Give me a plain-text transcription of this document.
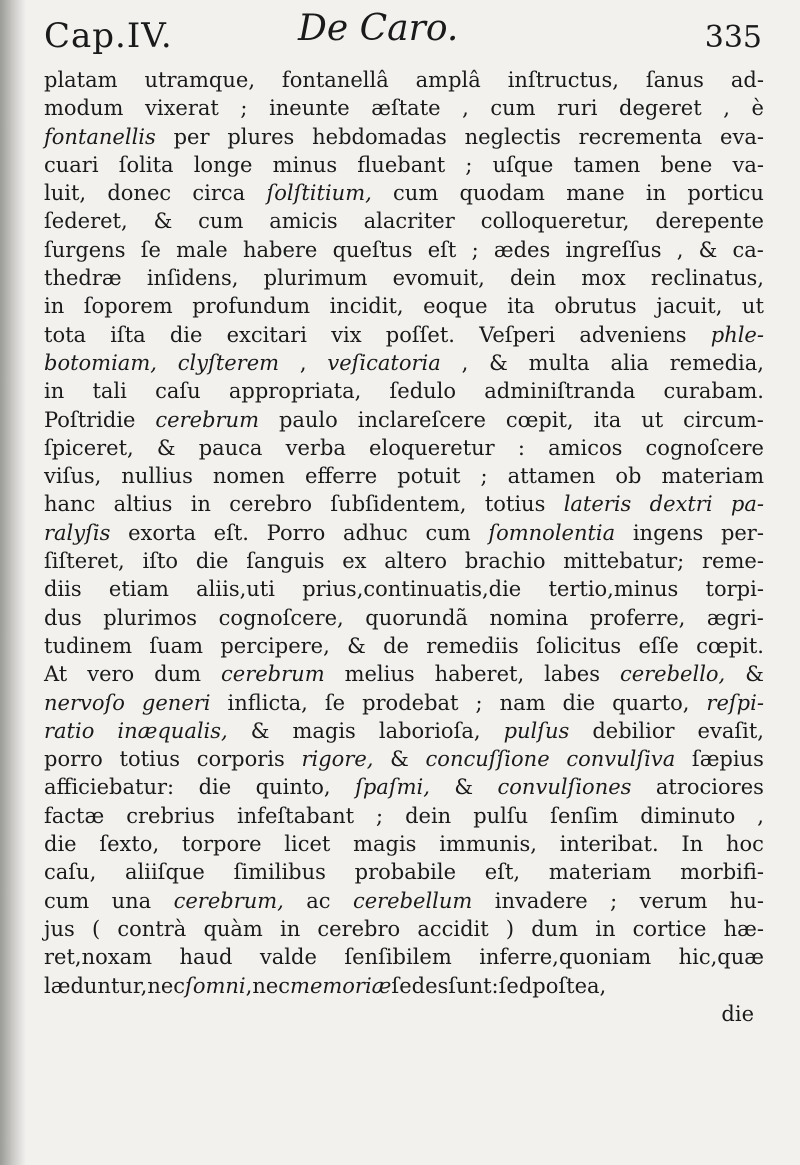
Cap.IV.	De Caro.	335
platam utramque, fontanellâ amplâ inſtructus, ſanus ad-
modum vixerat ; ineunte æſtate , cum ruri degeret , è
fontanellis per plures hebdomadas neglectis recrementa eva-
cuari ſolita longe minus fluebant ; uſque tamen bene va-
luit, donec circa ſolſtitium, cum quodam mane in porticu
ſederet, & cum amicis alacriter colloqueretur, derepente
ſurgens ſe male habere queſtus eſt ; ædes ingreſſus , & ca-
thedræ inſidens, plurimum evomuit, dein mox reclinatus,
in ſoporem profundum incidit, eoque ita obrutus jacuit, ut
tota iſta die excitari vix poſſet. Veſperi adveniens phle-
botomiam, clyſterem , veſicatoria , & multa alia remedia,
in tali caſu appropriata, ſedulo adminiſtranda curabam.
Poſtridie cerebrum paulo inclareſcere cœpit, ita ut circum-
ſpiceret, & pauca verba eloqueretur : amicos cognoſcere
viſus, nullius nomen efferre potuit ; attamen ob materiam
hanc altius in cerebro ſubſidentem, totius lateris dextri pa-
ralyſis exorta eſt. Porro adhuc cum ſomnolentia ingens per-
ſiſteret, iſto die ſanguis ex altero brachio mittebatur; reme-
diis etiam aliis,uti prius,continuatis,die tertio,minus torpi-
dus plurimos cognoſcere, quorundã nomina proferre, ægri-
tudinem ſuam percipere, & de remediis ſolicitus eſſe cœpit.
At vero dum cerebrum melius haberet, labes cerebello, &
nervoſo generi inflicta, ſe prodebat ; nam die quarto, reſpi-
ratio inæqualis, & magis laborioſa, pulſus debilior evaſit,
porro totius corporis rigore, & concuſſione convulſiva ſæpius
afficiebatur: die quinto, ſpaſmi, & convulſiones atrociores
factæ crebrius infeſtabant ; dein pulſu ſenſim diminuto ,
die ſexto, torpore licet magis immunis, interibat. In hoc
caſu, aliiſque ſimilibus probabile eſt, materiam morbifi-
cum una cerebrum, ac cerebellum invadere ; verum hu-
jus ( contrà quàm in cerebro accidit ) dum in cortice hæ-
ret,noxam haud valde ſenſibilem inferre,quoniam hic,quæ
læduntur, nec ſomni , nec memoriæ ſedes ſunt: ſed poſtea,
die
